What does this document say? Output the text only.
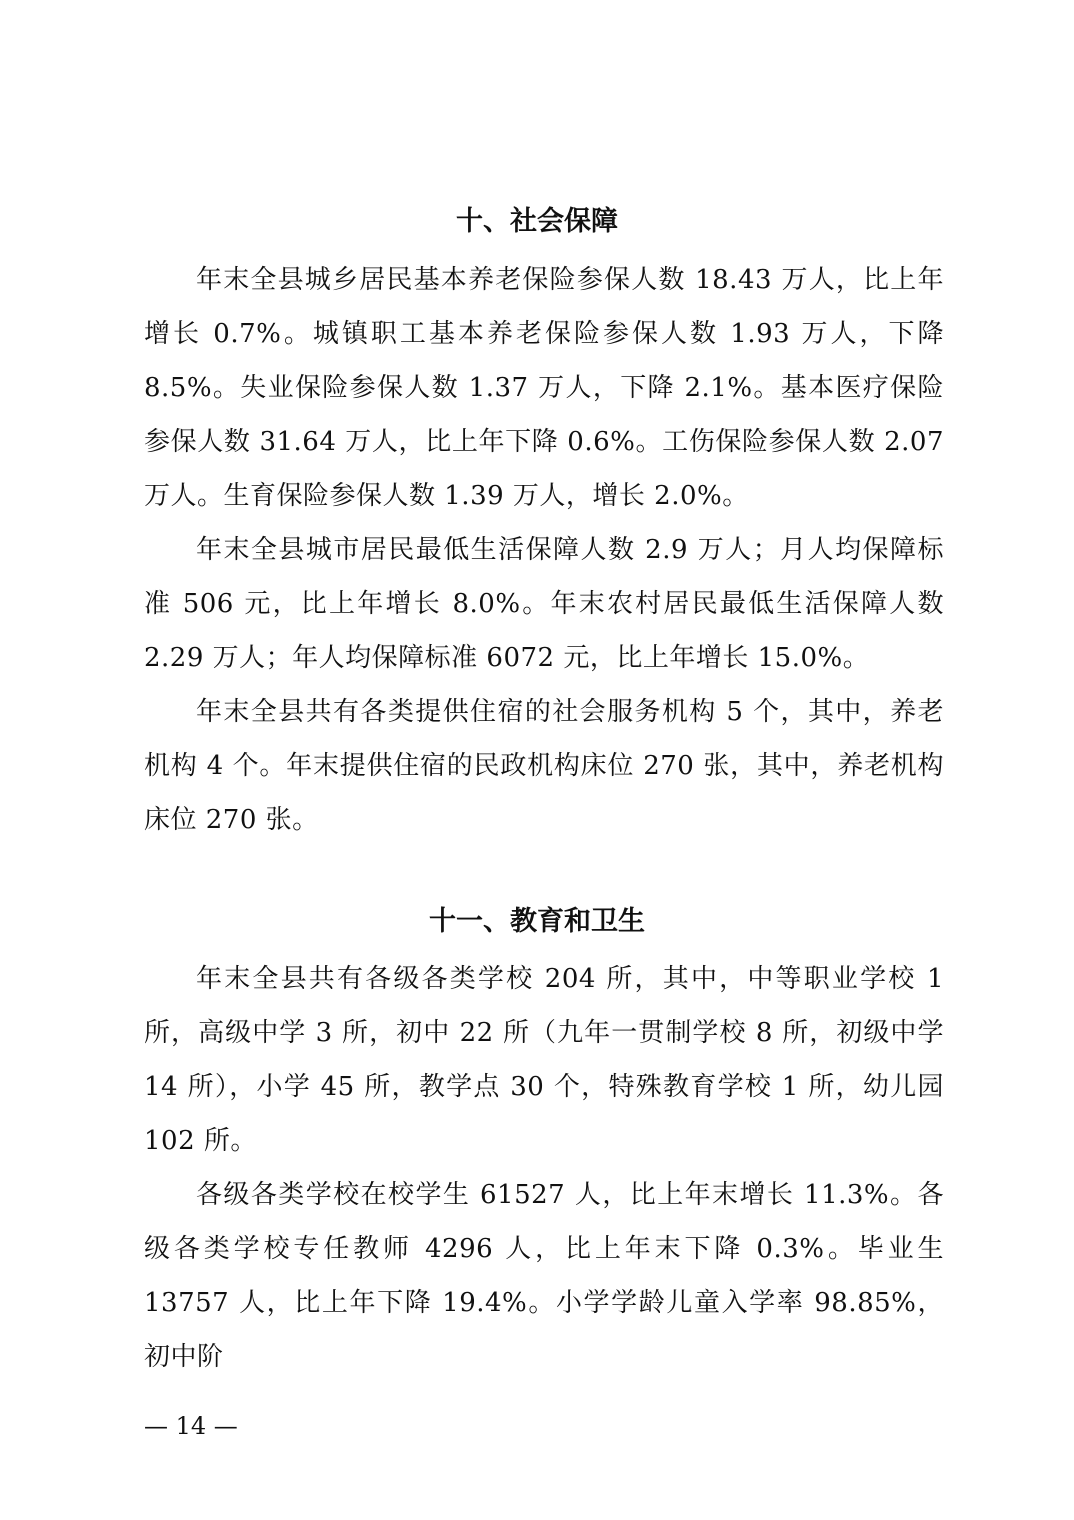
十、社会保障

年末全县城乡居民基本养老保险参保人数 18.43 万人，比上年增长 0.7%。城镇职工基本养老保险参保人数 1.93 万人，下降 8.5%。失业保险参保人数 1.37 万人，下降 2.1%。基本医疗保险参保人数 31.64 万人，比上年下降 0.6%。工伤保险参保人数 2.07 万人。生育保险参保人数 1.39 万人，增长 2.0%。

年末全县城市居民最低生活保障人数 2.9 万人；月人均保障标准 506 元，比上年增长 8.0%。年末农村居民最低生活保障人数 2.29 万人；年人均保障标准 6072 元，比上年增长 15.0%。

年末全县共有各类提供住宿的社会服务机构 5 个，其中，养老机构 4 个。年末提供住宿的民政机构床位 270 张，其中，养老机构床位 270 张。

十一、教育和卫生

年末全县共有各级各类学校 204 所，其中，中等职业学校 1 所，高级中学 3 所，初中 22 所（九年一贯制学校 8 所，初级中学 14 所），小学 45 所，教学点 30 个，特殊教育学校 1 所，幼儿园 102 所。

各级各类学校在校学生 61527 人，比上年末增长 11.3%。各级各类学校专任教师 4296 人，比上年末下降 0.3%。毕业生 13757 人，比上年下降 19.4%。小学学龄儿童入学率 98.85%，初中阶

— 14 —
